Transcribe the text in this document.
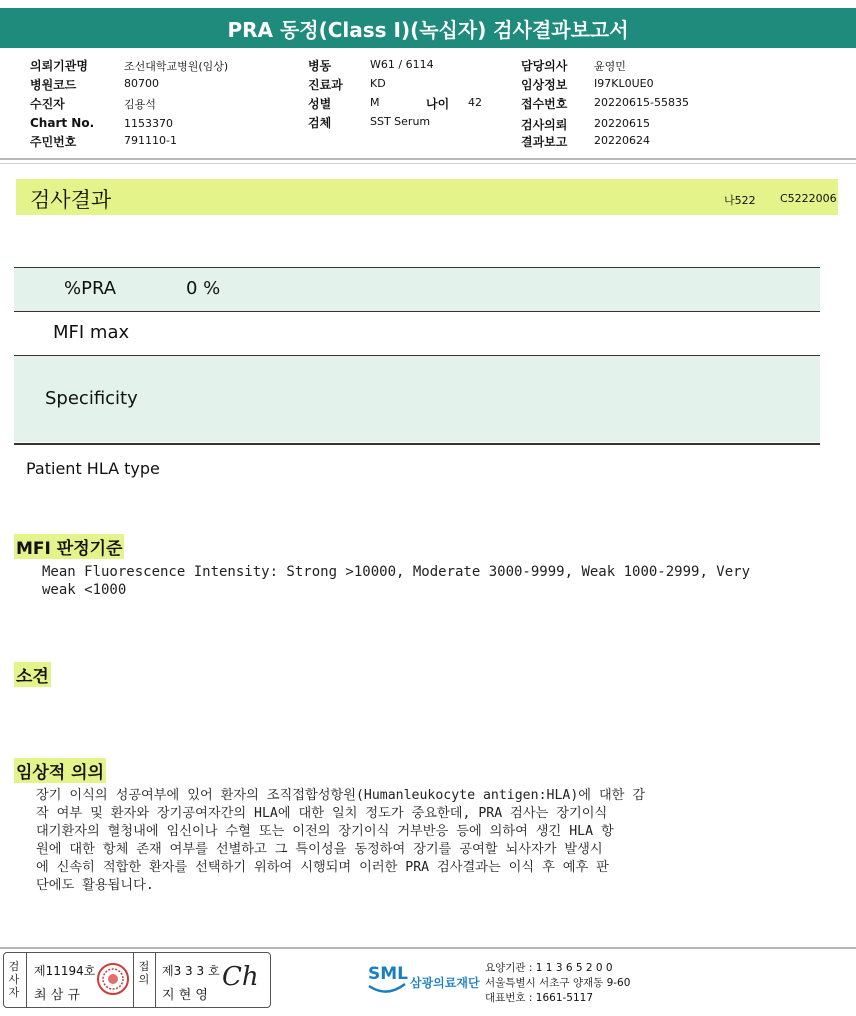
PRA 동정(Class I)(녹십자) 검사결과보고서
의뢰기관명	조선대학교병원(임상)
병원코드	80700
수진자	김용석
Chart No.	1153370
주민번호	791110-1
병동	W61 / 6114
진료과 KD
성별	M	나이 42
검체	SST Serum
담당의사 윤영민
임상정보 I97KL0UE0
접수번호 20220615-55835
검사의뢰 20220615
결과보고 20220624
검사결과	나522 C5222006
%PRA	0 %
MFI max
Specificity
Patient HLA type
MFI 판정기준
Mean Fluorescence Intensity: Strong >10000, Moderate 3000-9999, Weak 1000-2999, Very
weak <1000
소견
임상적 의의
장기 이식의 성공여부에 있어 환자의 조직접합성항원(Humanleukocyte antigen:HLA)에 대한 감
작 여부 및 환자와 장기공여자간의 HLA에 대한 일치 정도가 중요한데, PRA 검사는 장기이식
대기환자의 혈청내에 임신이나 수혈 또는 이전의 장기이식 거부반응 등에 의하여 생긴 HLA 항
원에 대한 항체 존재 여부를 선별하고 그 특이성을 동정하여 장기를 공여할 뇌사자가 발생시
에 신속히 적합한 환자를 선택하기 위하여 시행되며 이러한 PRA 검사결과는 이식 후 예후 판
단에도 활용됩니다.
검사자
제11194호
최 삼 규
접의
제3 3 3 호
지 현 영
Ch	SML 삼광의료재단
요양기관 : 1 1 3 6 5 2 0 0
서울특별시 서초구 양재동 9-60
대표번호 : 1661-5117
